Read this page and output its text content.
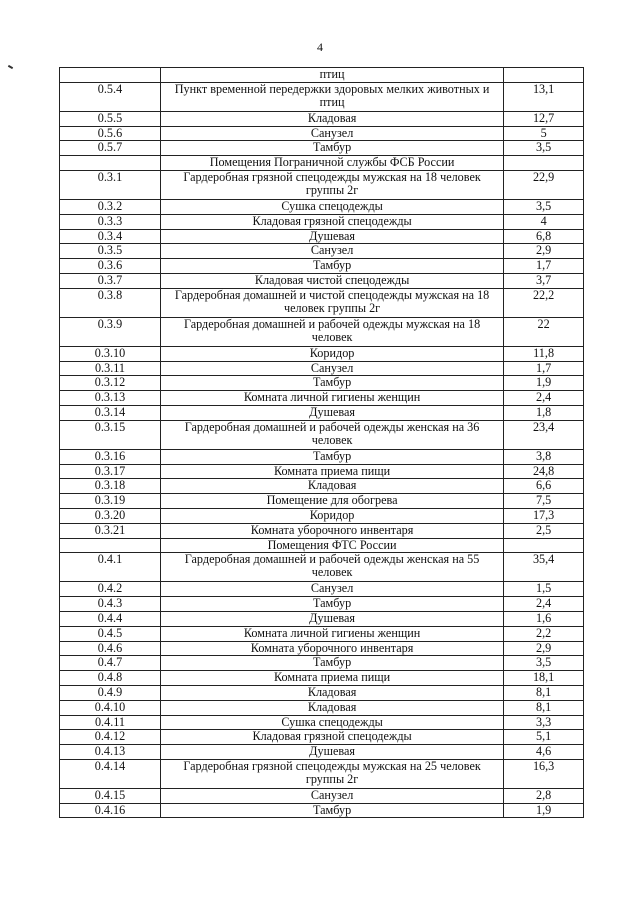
4
	птиц	
0.5.4	Пункт временной передержки здоровых мелких животных и птиц	13,1
0.5.5	Кладовая	12,7
0.5.6	Санузел	5
0.5.7	Тамбур	3,5
	Помещения Пограничной службы ФСБ России	
0.3.1	Гардеробная грязной спецодежды мужская на 18 человек группы 2г	22,9
0.3.2	Сушка спецодежды	3,5
0.3.3	Кладовая грязной спецодежды	4
0.3.4	Душевая	6,8
0.3.5	Санузел	2,9
0.3.6	Тамбур	1,7
0.3.7	Кладовая чистой спецодежды	3,7
0.3.8	Гардеробная домашней и чистой спецодежды мужская на 18 человек группы 2г	22,2
0.3.9	Гардеробная домашней и рабочей одежды мужская на 18 человек	22
0.3.10	Коридор	11,8
0.3.11	Санузел	1,7
0.3.12	Тамбур	1,9
0.3.13	Комната личной гигиены женщин	2,4
0.3.14	Душевая	1,8
0.3.15	Гардеробная домашней и рабочей одежды женская на 36 человек	23,4
0.3.16	Тамбур	3,8
0.3.17	Комната приема пищи	24,8
0.3.18	Кладовая	6,6
0.3.19	Помещение для обогрева	7,5
0.3.20	Коридор	17,3
0.3.21	Комната уборочного инвентаря	2,5
	Помещения ФТС России	
0.4.1	Гардеробная домашней и рабочей одежды женская на 55 человек	35,4
0.4.2	Санузел	1,5
0.4.3	Тамбур	2,4
0.4.4	Душевая	1,6
0.4.5	Комната личной гигиены женщин	2,2
0.4.6	Комната уборочного инвентаря	2,9
0.4.7	Тамбур	3,5
0.4.8	Комната приема пищи	18,1
0.4.9	Кладовая	8,1
0.4.10	Кладовая	8,1
0.4.11	Сушка спецодежды	3,3
0.4.12	Кладовая грязной спецодежды	5,1
0.4.13	Душевая	4,6
0.4.14	Гардеробная грязной спецодежды мужская на 25 человек группы 2г	16,3
0.4.15	Санузел	2,8
0.4.16	Тамбур	1,9
